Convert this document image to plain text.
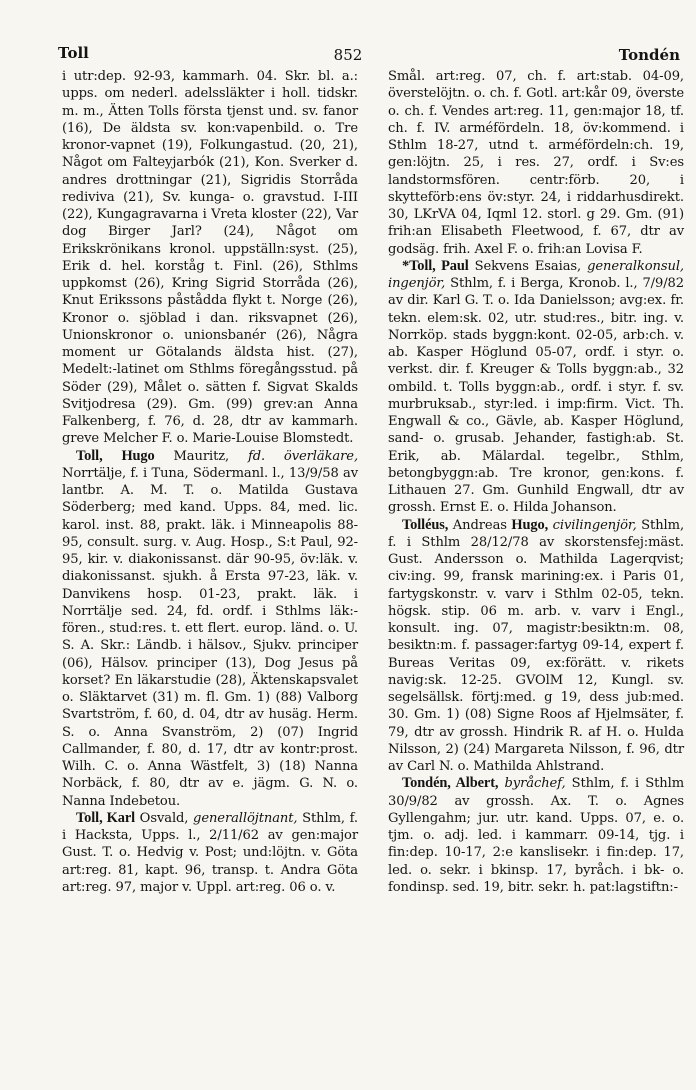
Toll	852	Tondén

i utr:dep. 92-93, kammarh. 04. Skr. bl. a.: upps. om nederl. adelssläkter i holl. tidskr. m. m., Ätten Tolls första tjenst und. sv. fanor (16), De äldsta sv. kon:vapenbild. o. Tre kronor-vapnet (19), Folkungastud. (20, 21), Något om Falteyjarbók (21), Kon. Sverker d. andres drottningar (21), Sigridis Storråda rediviva (21), Sv. kunga- o. gravstud. I-III (22), Kungagravarna i Vreta kloster (22), Var dog Birger Jarl? (24), Något om Erikskrönikans kronol. uppställn:syst. (25), Erik d. hel. korståg t. Finl. (26), Sthlms uppkomst (26), Kring Sigrid Storråda (26), Knut Erikssons påstådda flykt t. Norge (26), Kronor o. sjöblad i dan. riksvapnet (26), Unionskronor o. unionsbanér (26), Några moment ur Götalands äldsta hist. (27), Medelt:-latinet om Sthlms föregångsstud. på Söder (29), Målet o. sätten f. Sigvat Skalds Svitjodresa (29). Gm. (99) grev:an Anna Falkenberg, f. 76, d. 28, dtr av kammarh. greve Melcher F. o. Marie-Louise Blomstedt.

Toll, Hugo Mauritz, fd. överläkare, Norrtälje, f. i Tuna, Södermanl. l., 13/9/58 av lantbr. A. M. T. o. Matilda Gustava Söderberg; med kand. Upps. 84, med. lic. karol. inst. 88, prakt. läk. i Minneapolis 88-95, consult. surg. v. Aug. Hosp., S:t Paul, 92-95, kir. v. diakonissanst. där 90-95, öv:läk. v. diakonissanst. sjukh. å Ersta 97-23, läk. v. Danvikens hosp. 01-23, prakt. läk. i Norrtälje sed. 24, fd. ordf. i Sthlms läk:-fören., stud:res. t. ett flert. europ. länd. o. U. S. A. Skr.: Ländb. i hälsov., Sjukv. principer (06), Hälsov. principer (13), Dog Jesus på korset? En läkarstudie (28), Äktenskapsvalet o. Släktarvet (31) m. fl. Gm. 1) (88) Valborg Svartström, f. 60, d. 04, dtr av husäg. Herm. S. o. Anna Svanström, 2) (07) Ingrid Callmander, f. 80, d. 17, dtr av kontr:prost. Wilh. C. o. Anna Wästfelt, 3) (18) Nanna Norbäck, f. 80, dtr av e. jägm. G. N. o. Nanna Indebetou.

Toll, Karl Osvald, generallöjtnant, Sthlm, f. i Hacksta, Upps. l., 2/11/62 av gen:major Gust. T. o. Hedvig v. Post; und:löjtn. v. Göta art:reg. 81, kapt. 96, transp. t. Andra Göta art:reg. 97, major v. Uppl. art:reg. 06 o. v.

Smål. art:reg. 07, ch. f. art:stab. 04-09, överstelöjtn. o. ch. f. Gotl. art:kår 09, överste o. ch. f. Vendes art:reg. 11, gen:major 18, tf. ch. f. IV. arméfördeln. 18, öv:kommend. i Sthlm 18-27, utnd t. arméfördeln:ch. 19, gen:löjtn. 25, i res. 27, ordf. i Sv:es landstormsfören. centr:förb. 20, i skytteförb:ens öv:styr. 24, i riddarhusdirekt. 30, LKrVA 04, Iqml 12. storl. g 29. Gm. (91) frih:an Elisabeth Fleetwood, f. 67, dtr av godsäg. frih. Axel F. o. frih:an Lovisa F.

*Toll, Paul Sekvens Esaias, generalkonsul, ingenjör, Sthlm, f. i Berga, Kronob. l., 7/9/82 av dir. Karl G. T. o. Ida Danielsson; avg:ex. fr. tekn. elem:sk. 02, utr. stud:res., bitr. ing. v. Norrköp. stads byggn:kont. 02-05, arb:ch. v. ab. Kasper Höglund 05-07, ordf. i styr. o. verkst. dir. f. Kreuger & Tolls byggn:ab., 32 ombild. t. Tolls byggn:ab., ordf. i styr. f. sv. murbruksab., styr:led. i imp:firm. Vict. Th. Engwall & co., Gävle, ab. Kasper Höglund, sand- o. grusab. Jehander, fastigh:ab. St. Erik, ab. Mälardal. tegelbr., Sthlm, betongbyggn:ab. Tre kronor, gen:kons. f. Lithauen 27. Gm. Gunhild Engwall, dtr av grossh. Ernst E. o. Hilda Johanson.

Tolléus, Andreas Hugo, civilingenjör, Sthlm, f. i Sthlm 28/12/78 av skorstensfej:mäst. Gust. Andersson o. Mathilda Lagerqvist; civ:ing. 99, fransk marining:ex. i Paris 01, fartygskonstr. v. varv i Sthlm 02-05, tekn. högsk. stip. 06 m. arb. v. varv i Engl., konsult. ing. 07, magistr:besiktn:m. 08, besiktn:m. f. passager:fartyg 09-14, expert f. Bureas Veritas 09, ex:förätt. v. rikets navig:sk. 12-25. GVOlM 12, Kungl. sv. segelsällsk. förtj:med. g 19, dess jub:med. 30. Gm. 1) (08) Signe Roos af Hjelmsäter, f. 79, dtr av grossh. Hindrik R. af H. o. Hulda Nilsson, 2) (24) Margareta Nilsson, f. 96, dtr av Carl N. o. Mathilda Ahlstrand.

Tondén, Albert, byråchef, Sthlm, f. i Sthlm 30/9/82 av grossh. Ax. T. o. Agnes Gyllengahm; jur. utr. kand. Upps. 07, e. o. tjm. o. adj. led. i kammarr. 09-14, tjg. i fin:dep. 10-17, 2:e kanslisekr. i fin:dep. 17, led. o. sekr. i bkinsp. 17, byråch. i bk- o. fondinsp. sed. 19, bitr. sekr. h. pat:lagstiftn:-
